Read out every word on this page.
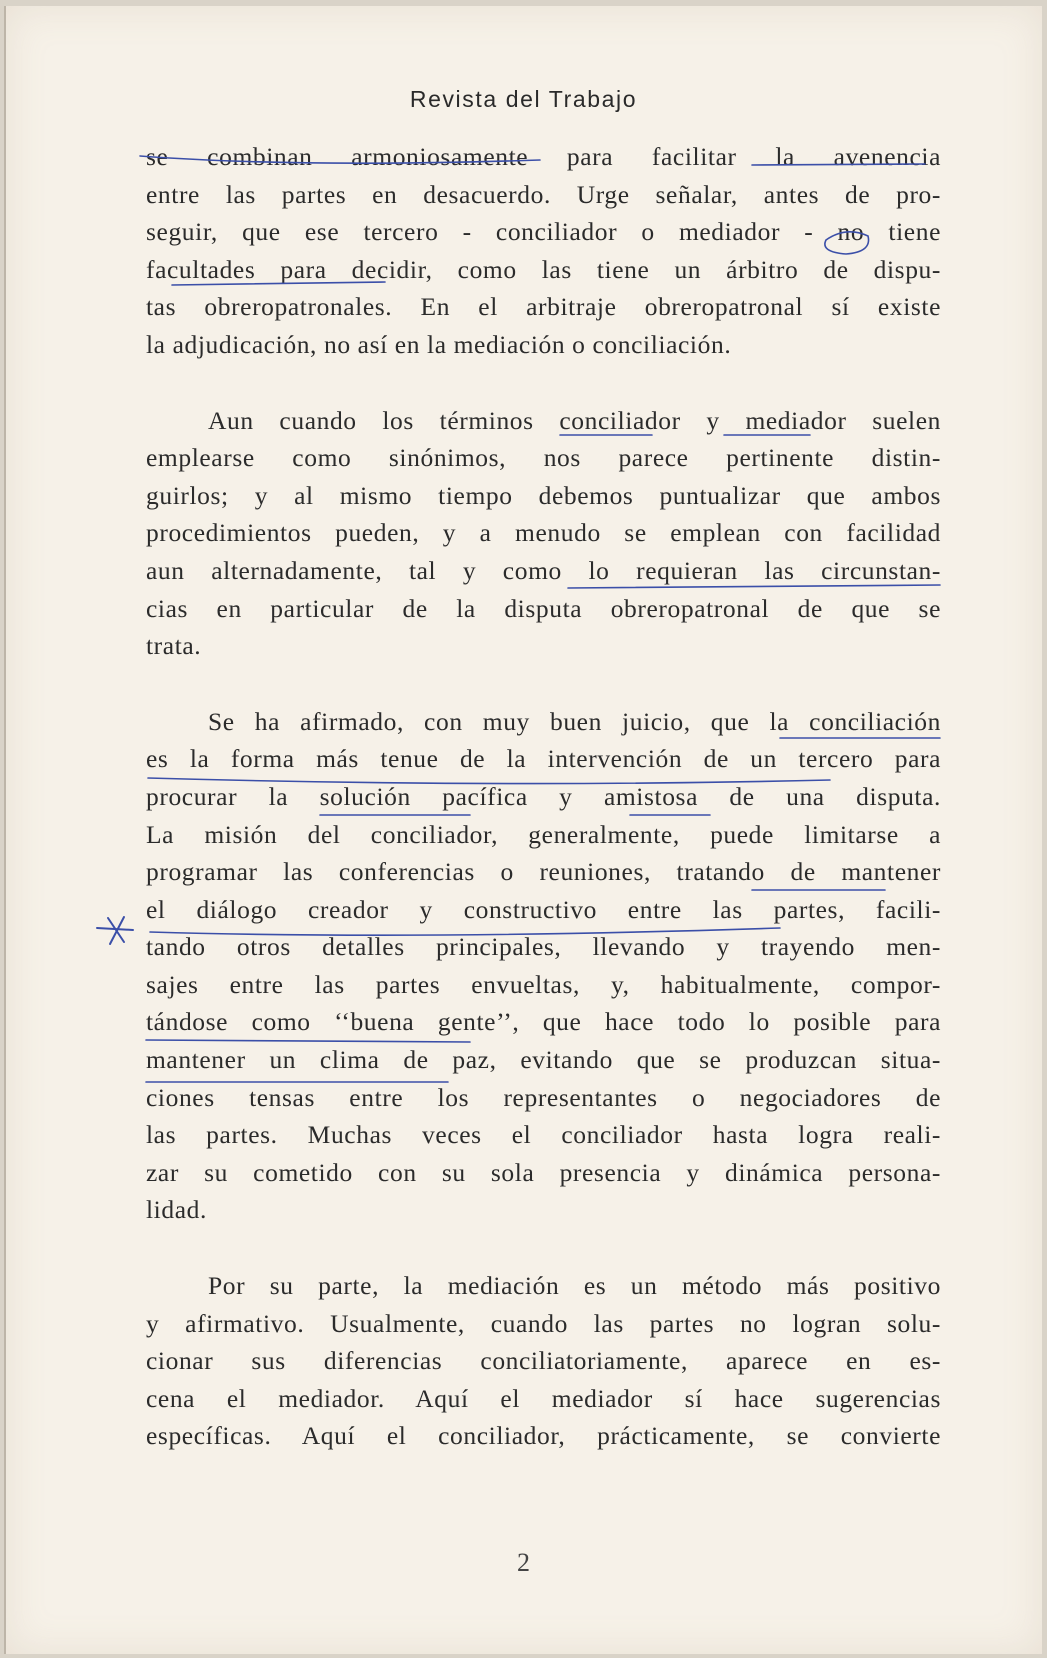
Revista del Trabajo

se combinan armoniosamente para facilitar la avenencia

entre las partes en desacuerdo. Urge señalar, antes de pro-

seguir, que ese tercero - conciliador o mediador - no tiene

facultades para decidir, como las tiene un árbitro de dispu-

tas obreropatronales. En el arbitraje obreropatronal sí existe

la adjudicación, no así en la mediación o conciliación.

Aun cuando los términos conciliador y mediador suelen

emplearse como sinónimos, nos parece pertinente distin-

guirlos; y al mismo tiempo debemos puntualizar que ambos

procedimientos pueden, y a menudo se emplean con facilidad

aun alternadamente, tal y como lo requieran las circunstan-

cias en particular de la disputa obreropatronal de que se

trata.

Se ha afirmado, con muy buen juicio, que la conciliación

es la forma más tenue de la intervención de un tercero para

procurar la solución pacífica y amistosa de una disputa.

La misión del conciliador, generalmente, puede limitarse a

programar las conferencias o reuniones, tratando de mantener

el diálogo creador y constructivo entre las partes, facili-

tando otros detalles principales, llevando y trayendo men-

sajes entre las partes envueltas, y, habitualmente, compor-

tándose como ‘‘buena gente’’, que hace todo lo posible para

mantener un clima de paz, evitando que se produzcan situa-

ciones tensas entre los representantes o negociadores de

las partes. Muchas veces el conciliador hasta logra reali-

zar su cometido con su sola presencia y dinámica persona-

lidad.

Por su parte, la mediación es un método más positivo

y afirmativo. Usualmente, cuando las partes no logran solu-

cionar sus diferencias conciliatoriamente, aparece en es-

cena el mediador. Aquí el mediador sí hace sugerencias

específicas. Aquí el conciliador, prácticamente, se convierte

2
